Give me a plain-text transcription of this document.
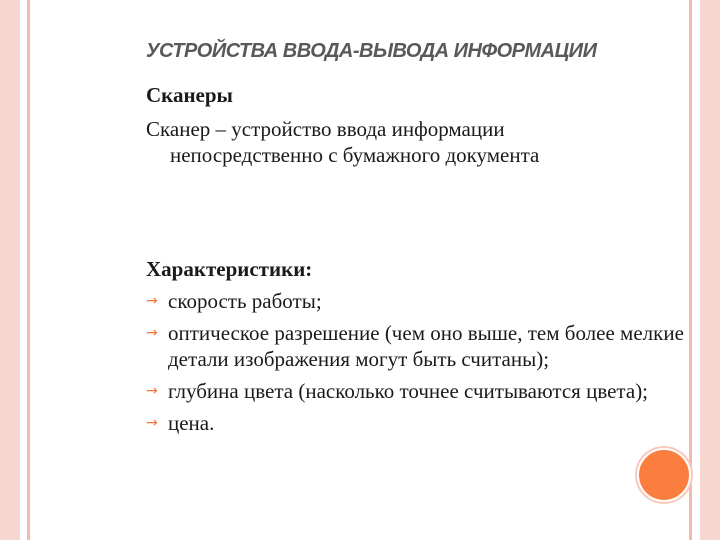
УСТРОЙСТВА ВВОДА-ВЫВОДА ИНФОРМАЦИИ

Сканеры

Сканер – устройство ввода информации
непосредственно с бумажного документа

Характеристики:

→ скорость работы;
→ оптическое разрешение (чем оно выше, тем более мелкие детали изображения могут быть считаны);
→ глубина цвета (насколько точнее считываются цвета);
→ цена.
